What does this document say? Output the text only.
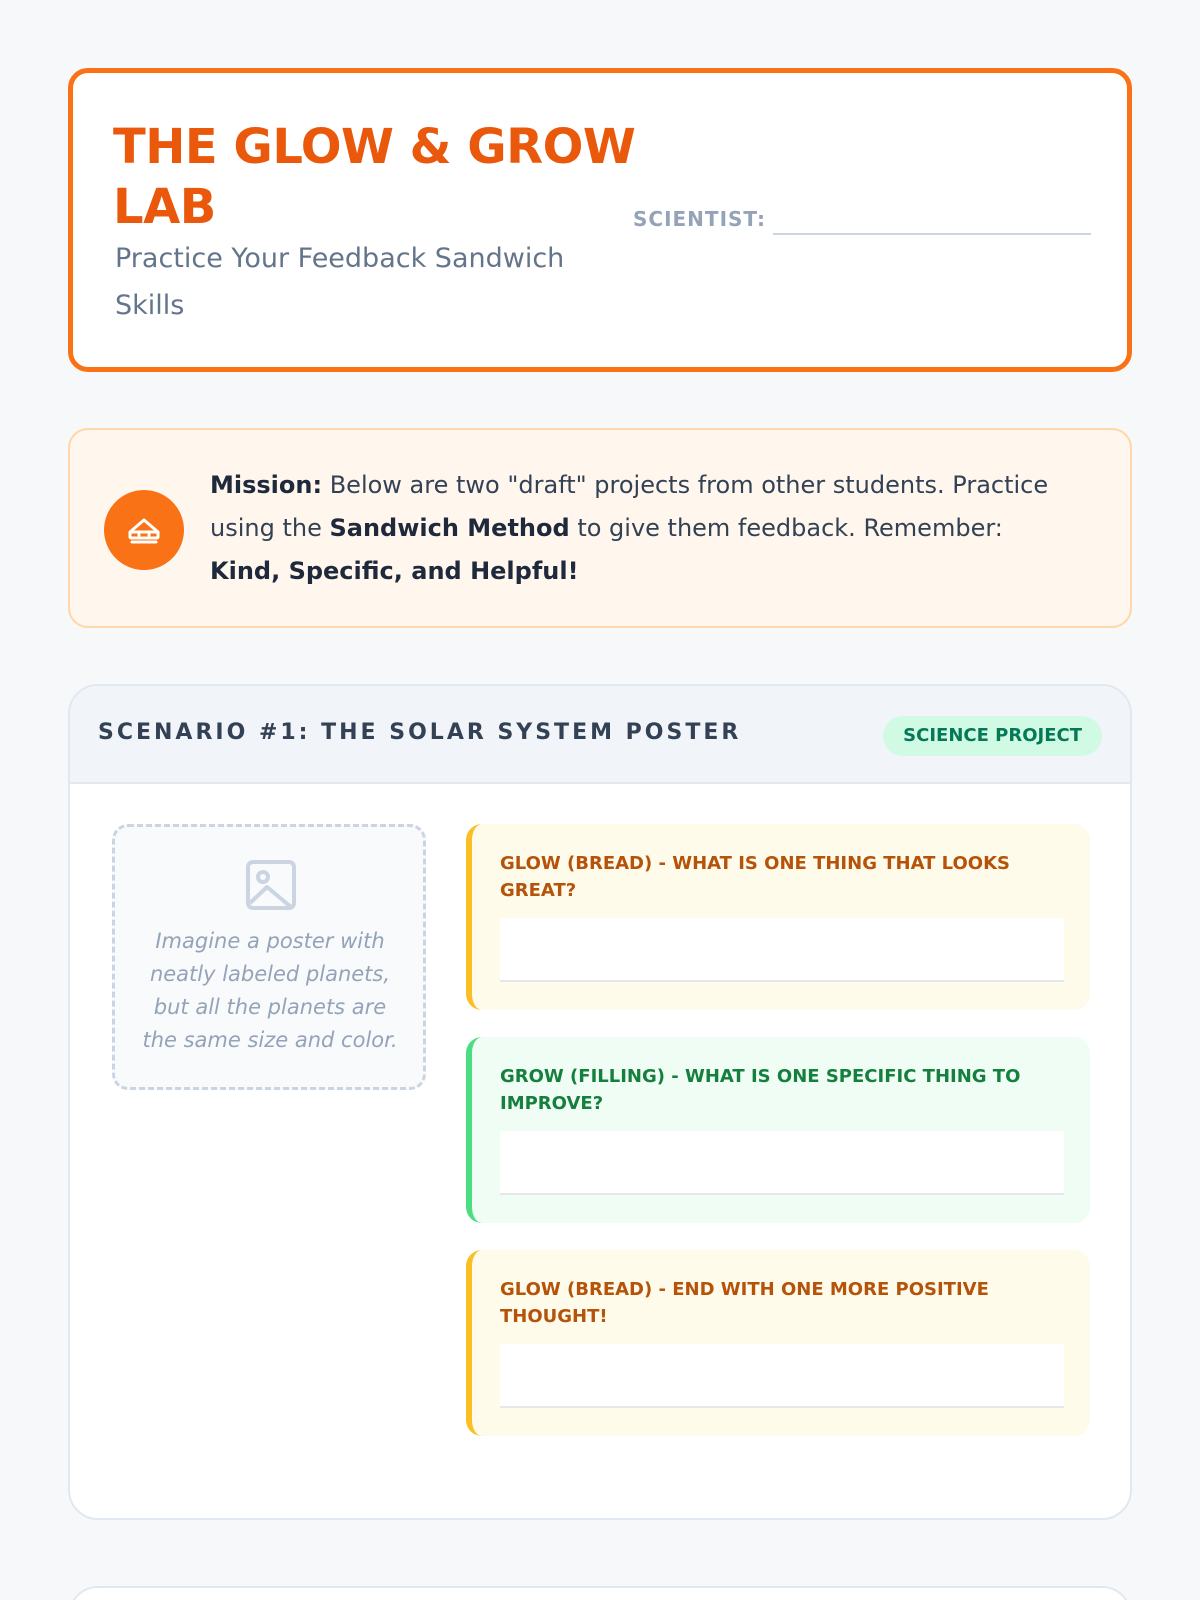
THE GLOW & GROW LAB
Practice Your Feedback Sandwich Skills
SCIENTIST:

Mission: Below are two "draft" projects from other students. Practice using the Sandwich Method to give them feedback. Remember: Kind, Specific, and Helpful!

SCENARIO #1: THE SOLAR SYSTEM POSTER	SCIENCE PROJECT
Imagine a poster with neatly labeled planets, but all the planets are the same size and color.
GLOW (BREAD) - WHAT IS ONE THING THAT LOOKS GREAT?
GROW (FILLING) - WHAT IS ONE SPECIFIC THING TO IMPROVE?
GLOW (BREAD) - END WITH ONE MORE POSITIVE THOUGHT!
